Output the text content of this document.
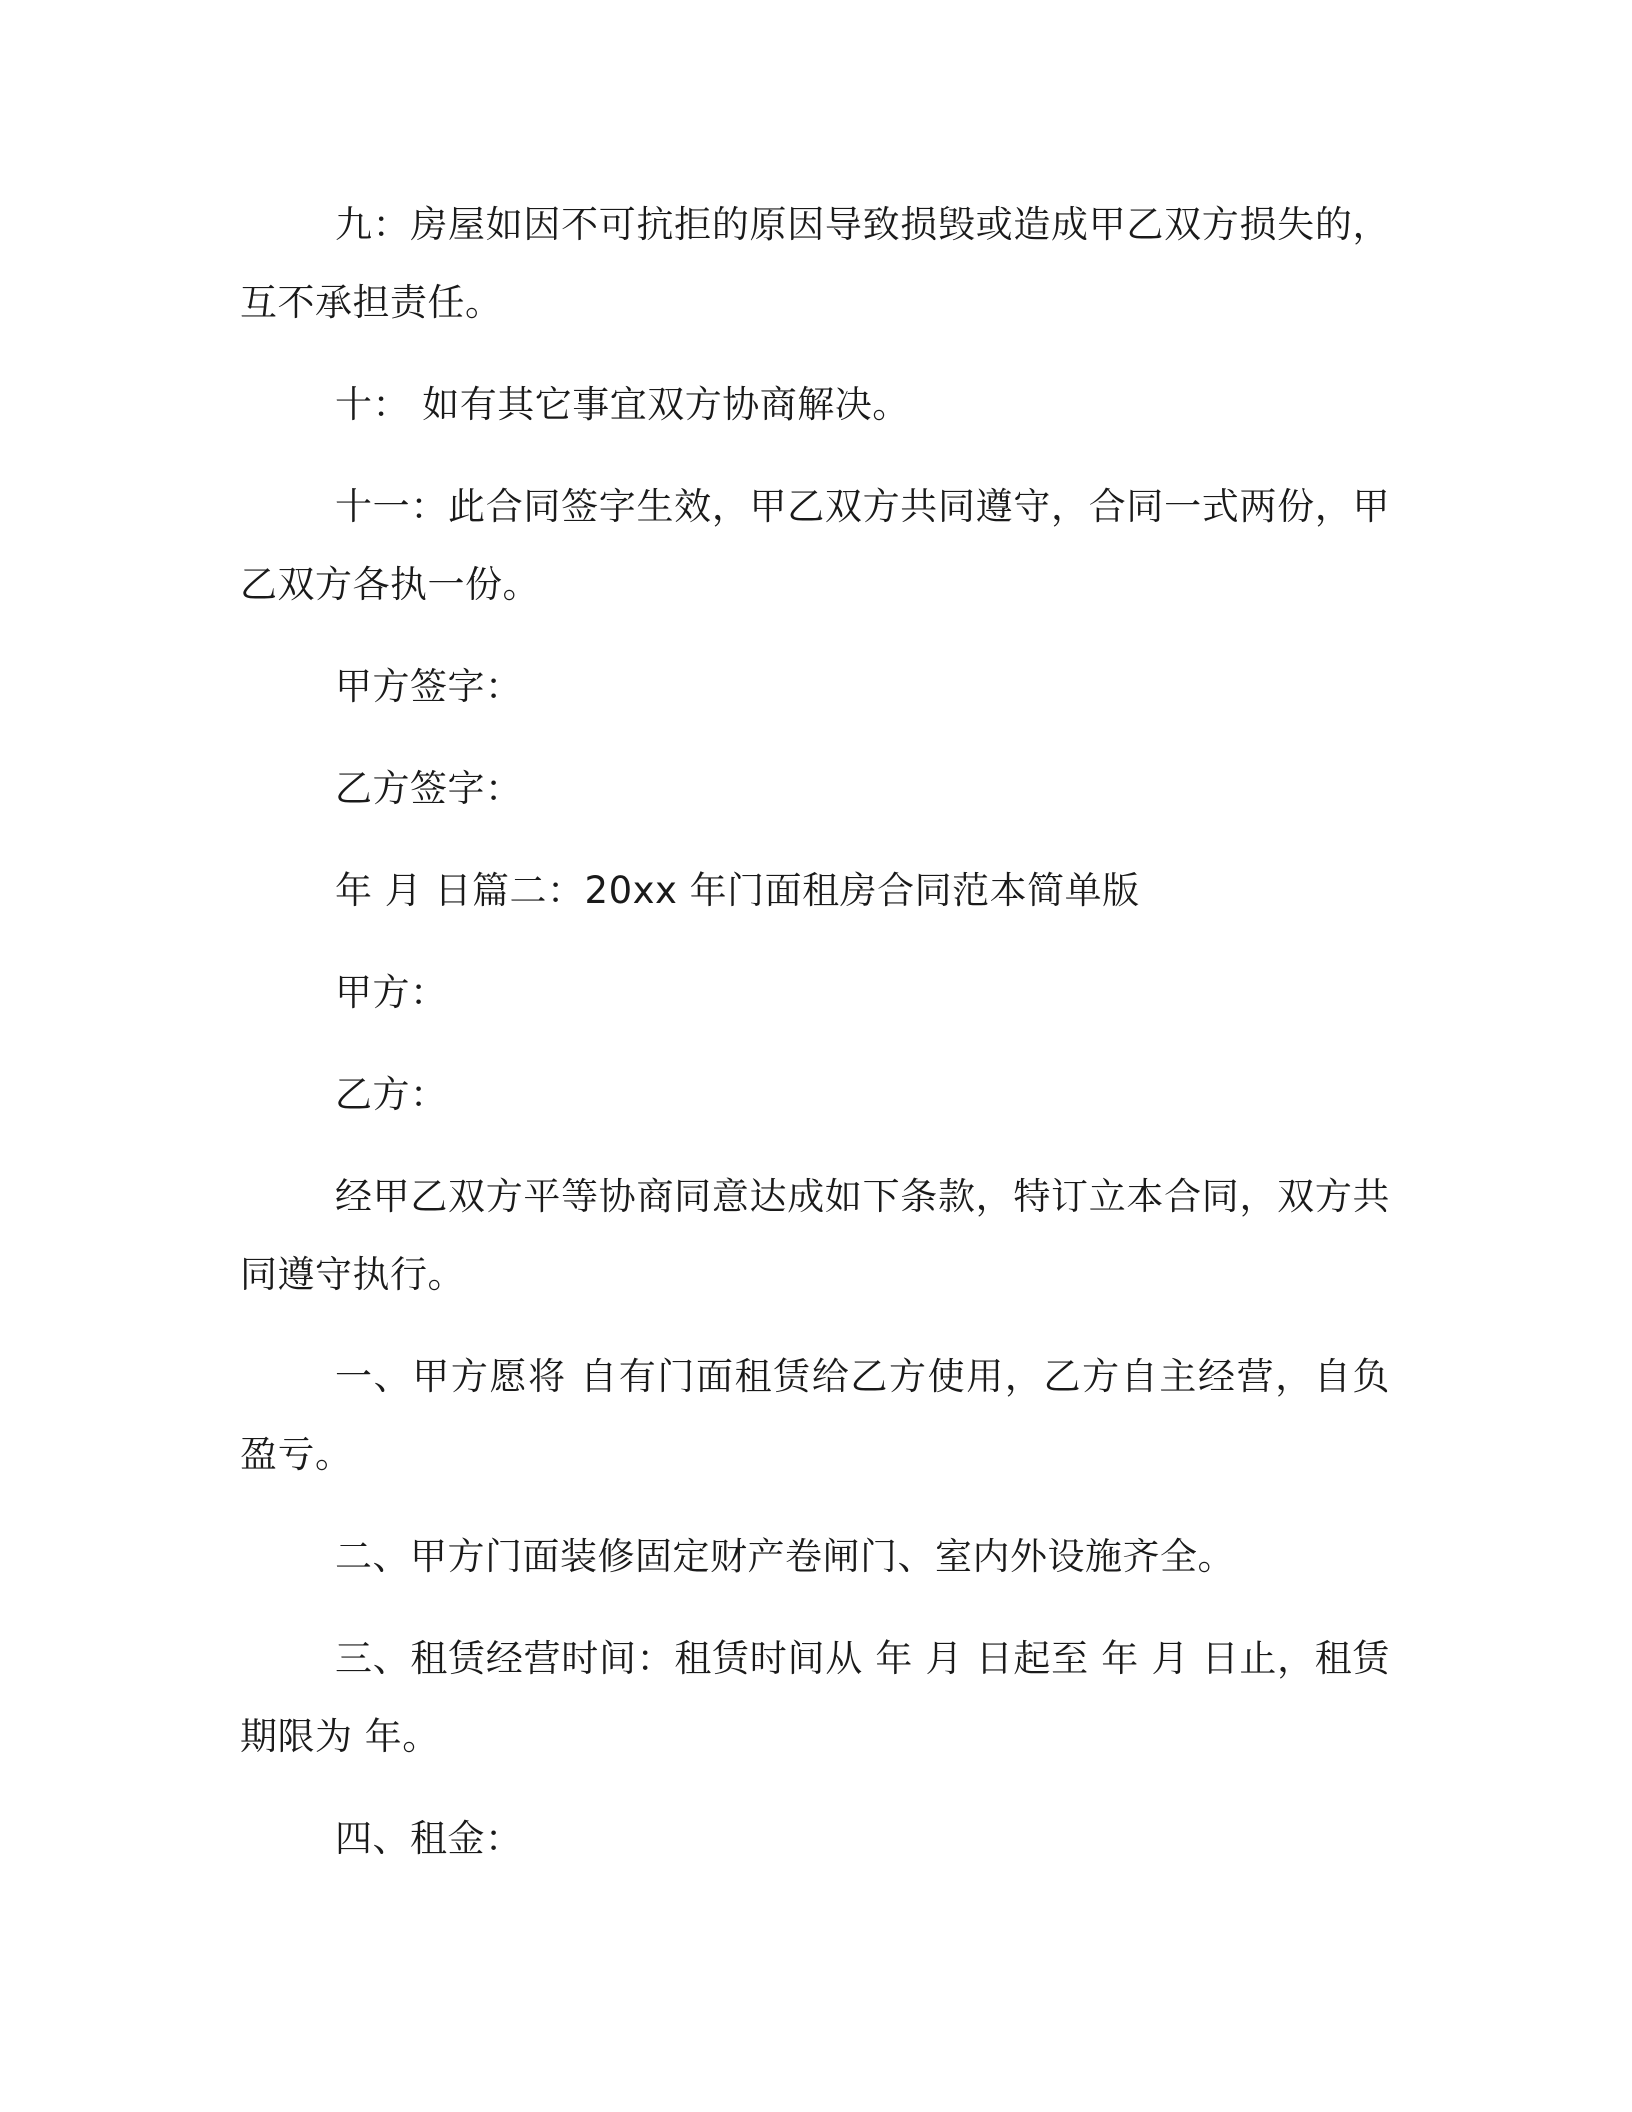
九：房屋如因不可抗拒的原因导致损毁或造成甲乙双方损失的，互不承担责任。

十： 如有其它事宜双方协商解决。

十一：此合同签字生效，甲乙双方共同遵守，合同一式两份，甲乙双方各执一份。

甲方签字：

乙方签字：

年 月 日篇二：20xx 年门面租房合同范本简单版

甲方：

乙方：

经甲乙双方平等协商同意达成如下条款，特订立本合同，双方共同遵守执行。

一、甲方愿将 自有门面租赁给乙方使用，乙方自主经营，自负盈亏。

二、甲方门面装修固定财产卷闸门、室内外设施齐全。

三、租赁经营时间：租赁时间从 年 月 日起至 年 月 日止，租赁期限为 年。

四、租金：
